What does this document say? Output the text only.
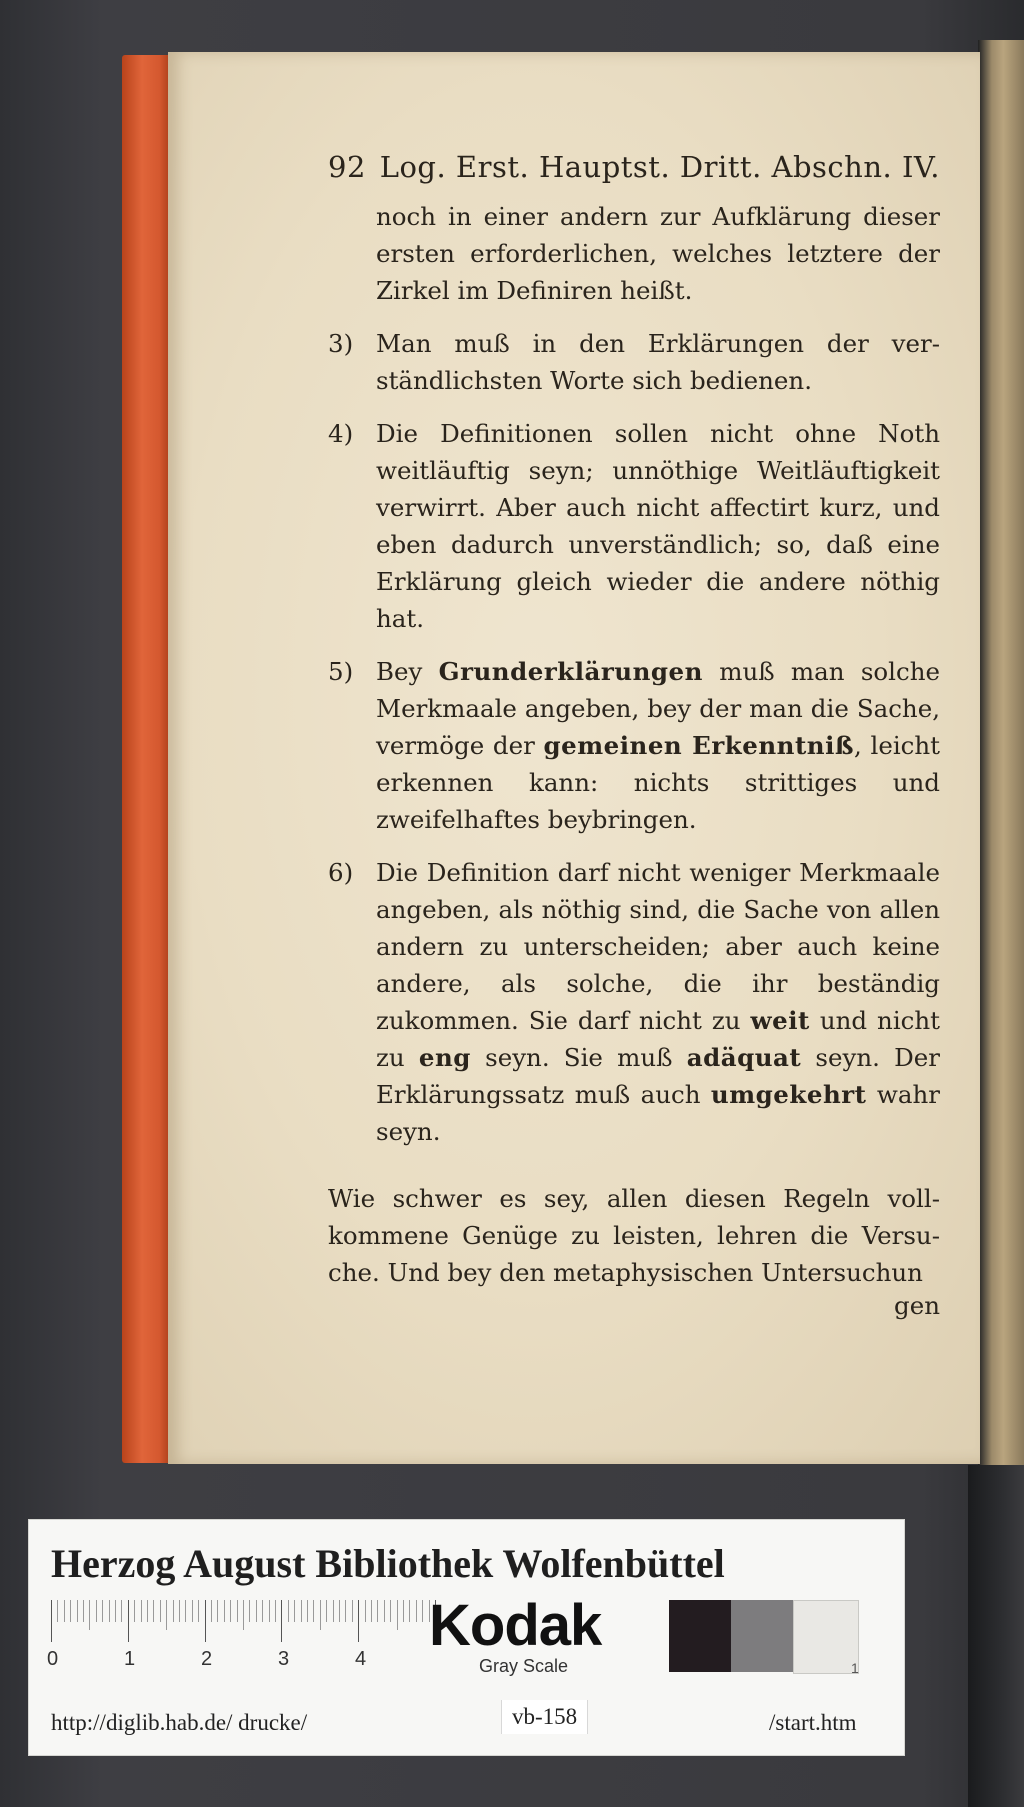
92 Log. Erst. Hauptst. Dritt. Abschn. IV.
noch in einer andern zur Aufklärung dieser ersten erforderlichen, welches letztere der Zirkel im Definiren heißt.
3) Man muß in den Erklärungen der verständlichsten Worte sich bedienen.
4) Die Definitionen sollen nicht ohne Noth weitläuftig seyn; unnöthige Weitläuftigkeit verwirrt. Aber auch nicht affectirt kurz, und eben dadurch unverständlich; so, daß eine Erklärung gleich wieder die andere nöthig hat.
5) Bey Grunderklärungen muß man solche Merkmaale angeben, bey der man die Sache, vermöge der gemeinen Erkenntniß, leicht erkennen kann: nichts strittiges und zweifelhaftes beybringen.
6) Die Definition darf nicht weniger Merkmaale angeben, als nöthig sind, die Sache von allen andern zu unterscheiden; aber auch keine andere, als solche, die ihr beständig zukommen. Sie darf nicht zu weit und nicht zu eng seyn. Sie muß adäquat seyn. Der Erklärungssatz muß auch umgekehrt wahr seyn.
Wie schwer es sey, allen diesen Regeln vollkommene Genüge zu leisten, lehren die Versuche. Und bey den metaphysischen Untersuchun
gen
Herzog August Bibliothek Wolfenbüttel
0	1	2	3	4
Kodak
Gray Scale	1
http://diglib.hab.de/ drucke/	vb-158	/start.htm
